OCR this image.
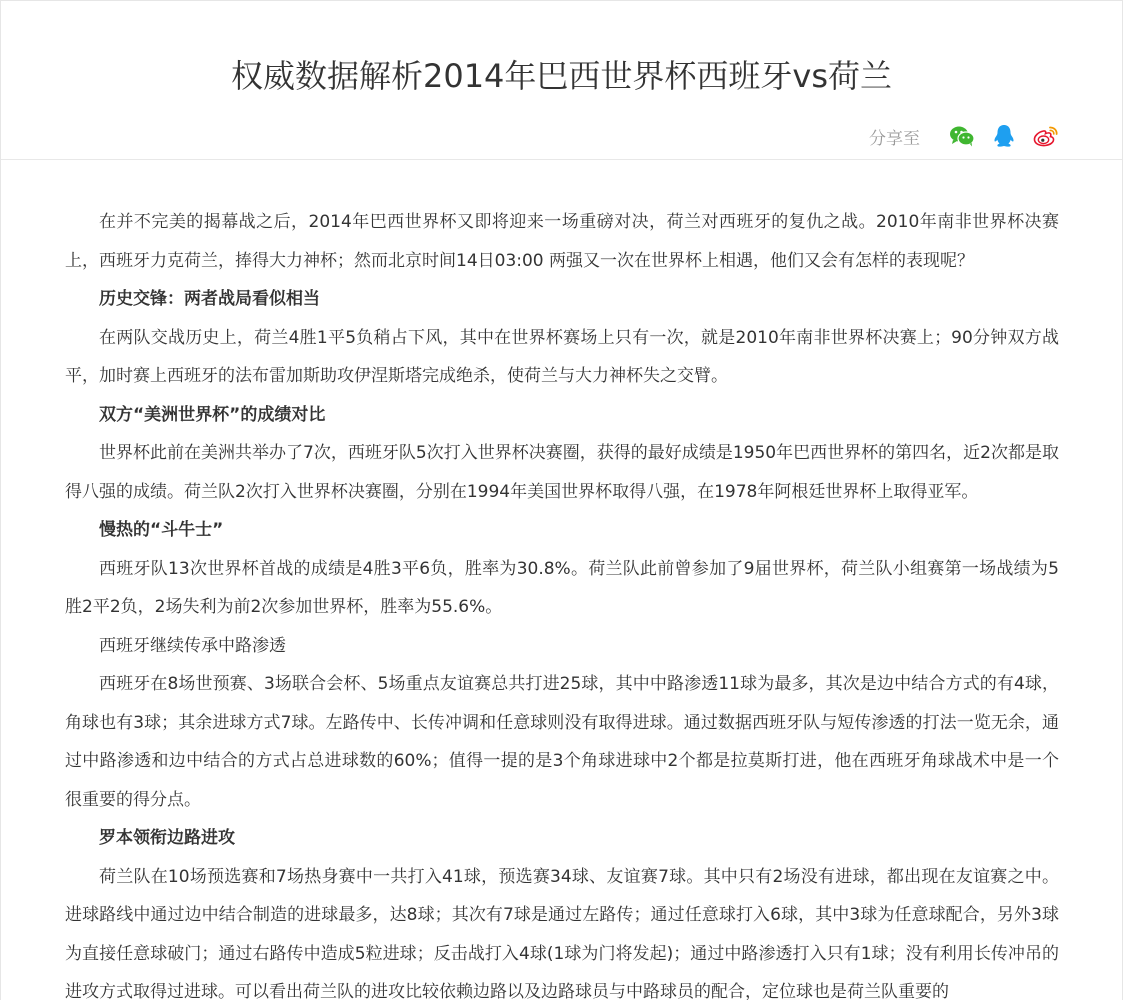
权威数据解析2014年巴西世界杯西班牙vs荷兰
分享至

在并不完美的揭幕战之后，2014年巴西世界杯又即将迎来一场重磅对决，荷兰对西班牙的复仇之战。2010年南非世界杯决赛上，西班牙力克荷兰，捧得大力神杯；然而北京时间14日03:00 两强又一次在世界杯上相遇，他们又会有怎样的表现呢？

历史交锋：两者战局看似相当

在两队交战历史上，荷兰4胜1平5负稍占下风，其中在世界杯赛场上只有一次，就是2010年南非世界杯决赛上；90分钟双方战平，加时赛上西班牙的法布雷加斯助攻伊涅斯塔完成绝杀，使荷兰与大力神杯失之交臂。

双方“美洲世界杯”的成绩对比

世界杯此前在美洲共举办了7次，西班牙队5次打入世界杯决赛圈，获得的最好成绩是1950年巴西世界杯的第四名，近2次都是取得八强的成绩。荷兰队2次打入世界杯决赛圈，分别在1994年美国世界杯取得八强，在1978年阿根廷世界杯上取得亚军。

慢热的“斗牛士”

西班牙队13次世界杯首战的成绩是4胜3平6负，胜率为30.8%。荷兰队此前曾参加了9届世界杯，荷兰队小组赛第一场战绩为5胜2平2负，2场失利为前2次参加世界杯，胜率为55.6%。

西班牙继续传承中路渗透

西班牙在8场世预赛、3场联合会杯、5场重点友谊赛总共打进25球，其中中路渗透11球为最多，其次是边中结合方式的有4球，角球也有3球；其余进球方式7球。左路传中、长传冲调和任意球则没有取得进球。通过数据西班牙队与短传渗透的打法一览无余，通过中路渗透和边中结合的方式占总进球数的60%；值得一提的是3个角球进球中2个都是拉莫斯打进，他在西班牙角球战术中是一个很重要的得分点。

罗本领衔边路进攻

荷兰队在10场预选赛和7场热身赛中一共打入41球，预选赛34球、友谊赛7球。其中只有2场没有进球，都出现在友谊赛之中。进球路线中通过边中结合制造的进球最多，达8球；其次有7球是通过左路传；通过任意球打入6球，其中3球为任意球配合，另外3球为直接任意球破门；通过右路传中造成5粒进球；反击战打入4球(1球为门将发起)；通过中路渗透打入只有1球；没有利用长传冲吊的进攻方式取得过进球。可以看出荷兰队的进攻比较依赖边路以及边路球员与中路球员的配合，定位球也是荷兰队重要的
